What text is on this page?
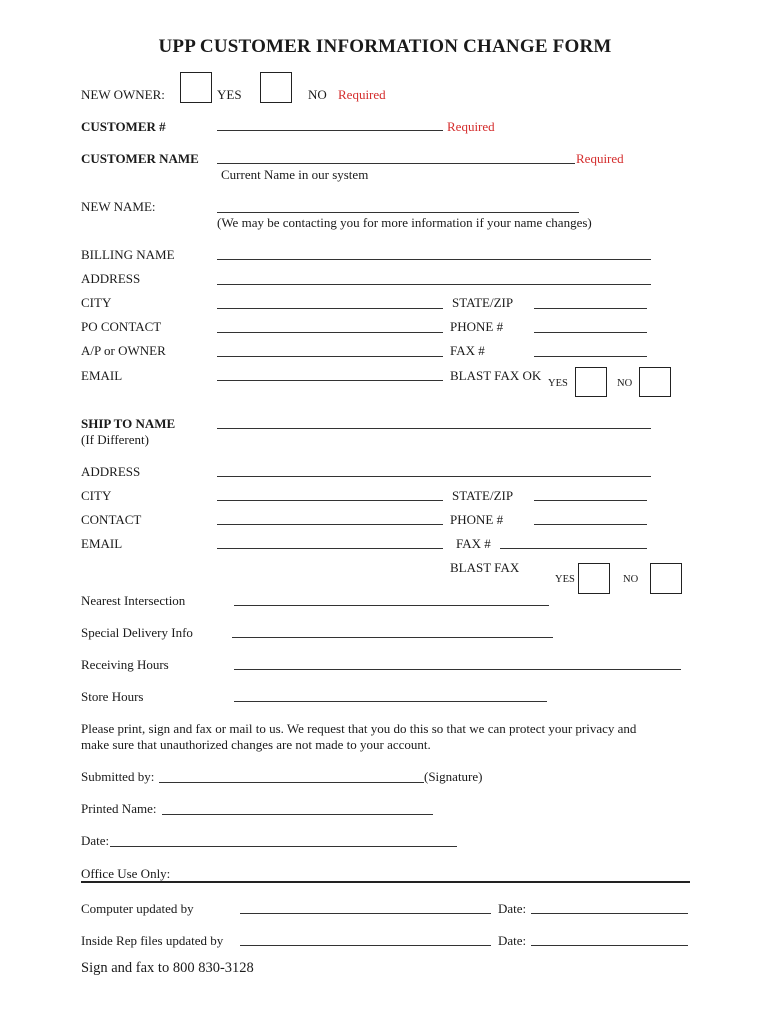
UPP CUSTOMER INFORMATION CHANGE FORM
NEW OWNER:	YES	NO Required
CUSTOMER #	Required
CUSTOMER NAME	Required
Current Name in our system
NEW NAME:
(We may be contacting you for more information if your name changes)
BILLING NAME
ADDRESS
CITY	STATE/ZIP
PO CONTACT	PHONE #
A/P or OWNER	FAX #
EMAIL	BLAST FAX OK
YES	NO
SHIP TO NAME
(If Different)
ADDRESS
CITY	STATE/ZIP
CONTACT	PHONE #
EMAIL	FAX #
BLAST FAX
YES	NO
Nearest Intersection
Special Delivery Info
Receiving Hours
Store Hours
Please print, sign and fax or mail to us. We request that you do this so that we can protect your privacy and
make sure that unauthorized changes are not made to your account.
Submitted by:	(Signature)
Printed Name:
Date:
Office Use Only:
Computer updated by	Date:
Inside Rep files updated by	Date:
Sign and fax to 800 830-3128
